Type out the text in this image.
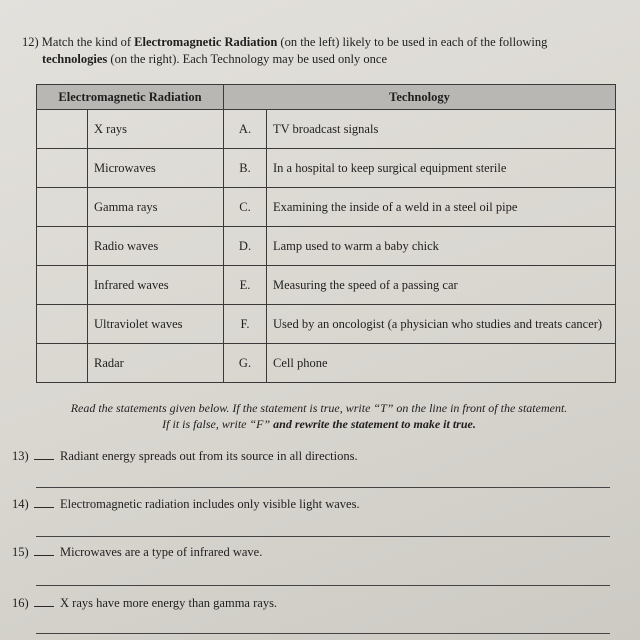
12) Match the kind of Electromagnetic Radiation (on the left) likely to be used in each of the following
technologies (on the right). Each Technology may be used only once
Electromagnetic Radiation		Technology	
	X rays	A.	TV broadcast signals
	Microwaves	B.	In a hospital to keep surgical equipment sterile
	Gamma rays	C.	Examining the inside of a weld in a steel oil pipe
	Radio waves	D.	Lamp used to warm a baby chick
	Infrared waves	E.	Measuring the speed of a passing car
	Ultraviolet waves	F.	Used by an oncologist (a physician who studies and treats cancer)
	Radar	G.	Cell phone
Read the statements given below. If the statement is true, write “T” on the line in front of the statement.
If it is false, write “F” and rewrite the statement to make it true.
13)	Radiant energy spreads out from its source in all directions.
14)	Electromagnetic radiation includes only visible light waves.
15)	Microwaves are a type of infrared wave.
16)	X rays have more energy than gamma rays.
